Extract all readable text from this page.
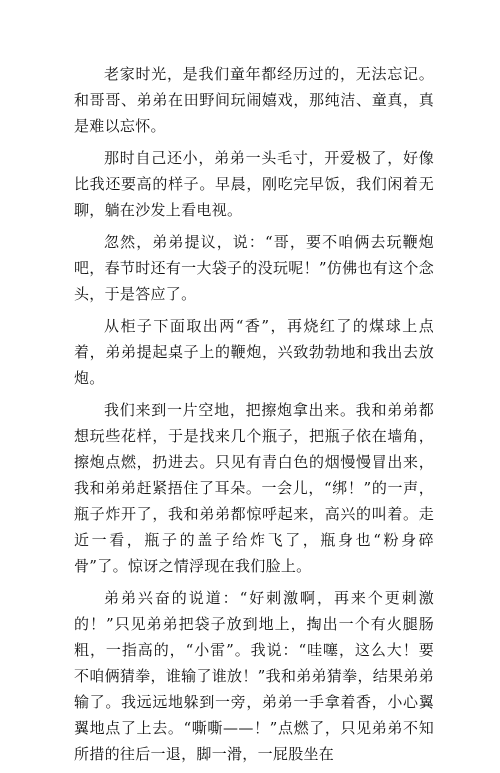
老家时光，是我们童年都经历过的，无法忘记。和哥哥、弟弟在田野间玩闹嬉戏，那纯洁、童真，真是难以忘怀。

那时自己还小，弟弟一头毛寸，开爱极了，好像比我还要高的样子。早晨，刚吃完早饭，我们闲着无聊，躺在沙发上看电视。

忽然，弟弟提议，说：“哥，要不咱俩去玩鞭炮吧，春节时还有一大袋子的没玩呢！”仿佛也有这个念头，于是答应了。

从柜子下面取出两“香”，再烧红了的煤球上点着，弟弟提起桌子上的鞭炮，兴致勃勃地和我出去放炮。

我们来到一片空地，把擦炮拿出来。我和弟弟都想玩些花样，于是找来几个瓶子，把瓶子依在墙角，擦炮点燃，扔进去。只见有青白色的烟慢慢冒出来，我和弟弟赶紧捂住了耳朵。一会儿，“绑！”的一声，瓶子炸开了，我和弟弟都惊呼起来，高兴的叫着。走近一看，瓶子的盖子给炸飞了，瓶身也“粉身碎骨”了。惊讶之情浮现在我们脸上。

弟弟兴奋的说道：“好刺激啊，再来个更刺激的！”只见弟弟把袋子放到地上，掏出一个有火腿肠粗，一指高的，“小雷”。我说：“哇噻，这么大！要不咱俩猜拳，谁输了谁放！”我和弟弟猜拳，结果弟弟输了。我远远地躲到一旁，弟弟一手拿着香，小心翼翼地点了上去。“嘶嘶——！”点燃了，只见弟弟不知所措的往后一退，脚一滑，一屁股坐在
